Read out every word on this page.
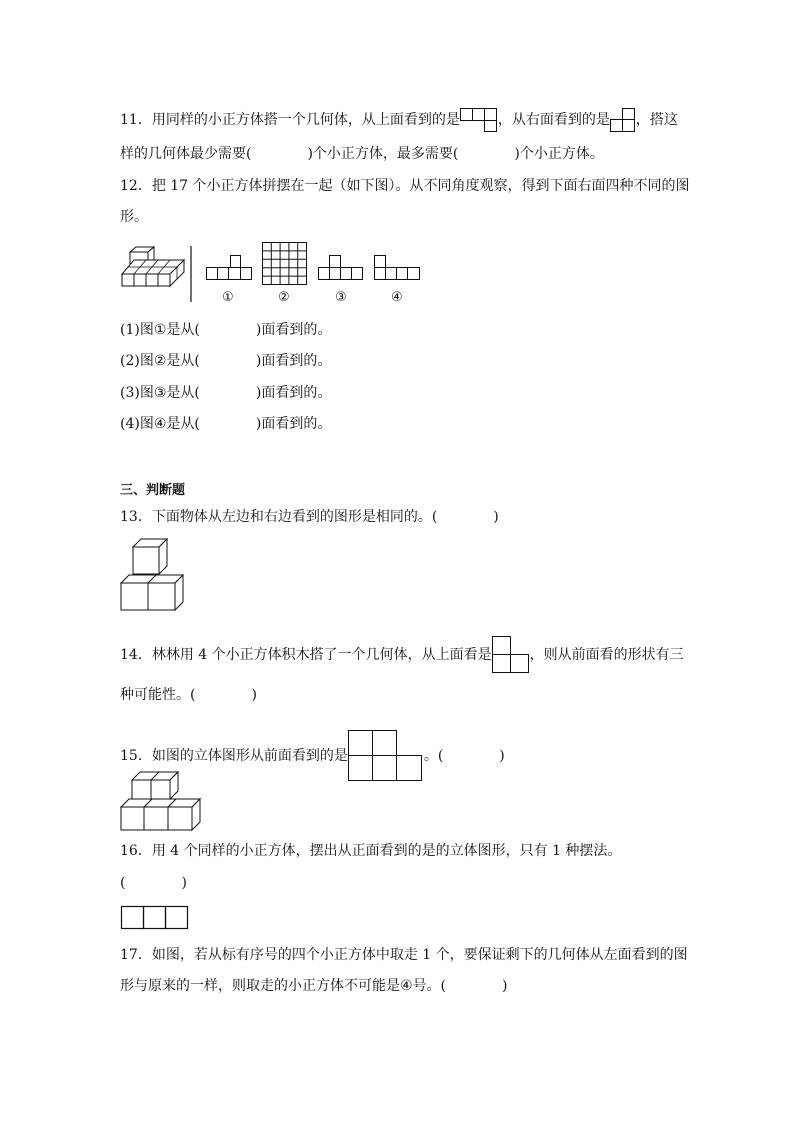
11．用同样的小正方体搭一个几何体，从上面看到的是	，从右面看到的是 ，搭这
样的几何体最少需要(　　　　)个小正方体，最多需要(　　　　)个小正方体。
12．把 17 个小正方体拼摆在一起（如下图）。从不同角度观察，得到下面右面四种不同的图
形。
①	②	③	④
(1)图①是从(　　　　)面看到的。
(2)图②是从(　　　　)面看到的。
(3)图③是从(　　　　)面看到的。
(4)图④是从(　　　　)面看到的。
三、判断题
13．下面物体从左边和右边看到的图形是相同的。(　　　　)
14．林林用 4 个小正方体积木搭了一个几何体，从上面看是	，则从前面看的形状有三
种可能性。(　　　　)
15．如图的立体图形从前面看到的是	。(　　　　)
16．用 4 个同样的小正方体，摆出从正面看到的是的立体图形，只有 1 种摆法。
(　　　　)
17．如图，若从标有序号的四个小正方体中取走 1 个，要保证剩下的几何体从左面看到的图
形与原来的一样，则取走的小正方体不可能是④号。(　　　　)
